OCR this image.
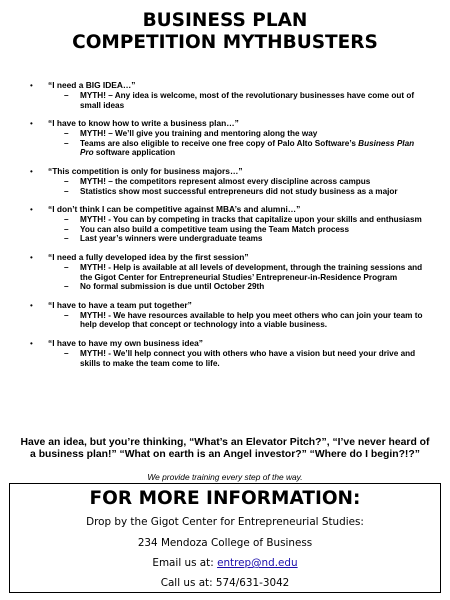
BUSINESS PLAN
COMPETITION MYTHBUSTERS
•	“I need a BIG IDEA…”
– MYTH! – Any idea is welcome, most of the revolutionary businesses have come out of small ideas
•	“I have to know how to write a business plan…”
– MYTH! – We’ll give you training and mentoring along the way
– Teams are also eligible to receive one free copy of Palo Alto Software’s Business Plan Pro software application
•	“This competition is only for business majors…”
– MYTH! – the competitors represent almost every discipline across campus
– Statistics show most successful entrepreneurs did not study business as a major
•	“I don’t think I can be competitive against MBA’s and alumni…”
– MYTH! - You can by competing in tracks that capitalize upon your skills and enthusiasm
– You can also build a competitive team using the Team Match process
– Last year’s winners were undergraduate teams
•	“I need a fully developed idea by the first session”
– MYTH! - Help is available at all levels of development, through the training sessions and the Gigot Center for Entrepreneurial Studies’ Entrepreneur-in-Residence Program
– No formal submission is due until October 29th
•	“I have to have a team put together”
– MYTH! - We have resources available to help you meet others who can join your team to help develop that concept or technology into a viable business.
•	“I have to have my own business idea”
– MYTH! - We’ll help connect you with others who have a vision but need your drive and skills to make the team come to life.
Have an idea, but you’re thinking, “What’s an Elevator Pitch?”, “I’ve never heard of a business plan!” “What on earth is an Angel investor?” “Where do I begin?!?”
We provide training every step of the way.
FOR MORE INFORMATION:
Drop by the Gigot Center for Entrepreneurial Studies:
234 Mendoza College of Business
Email us at: entrep@nd.edu
Call us at: 574/631-3042
